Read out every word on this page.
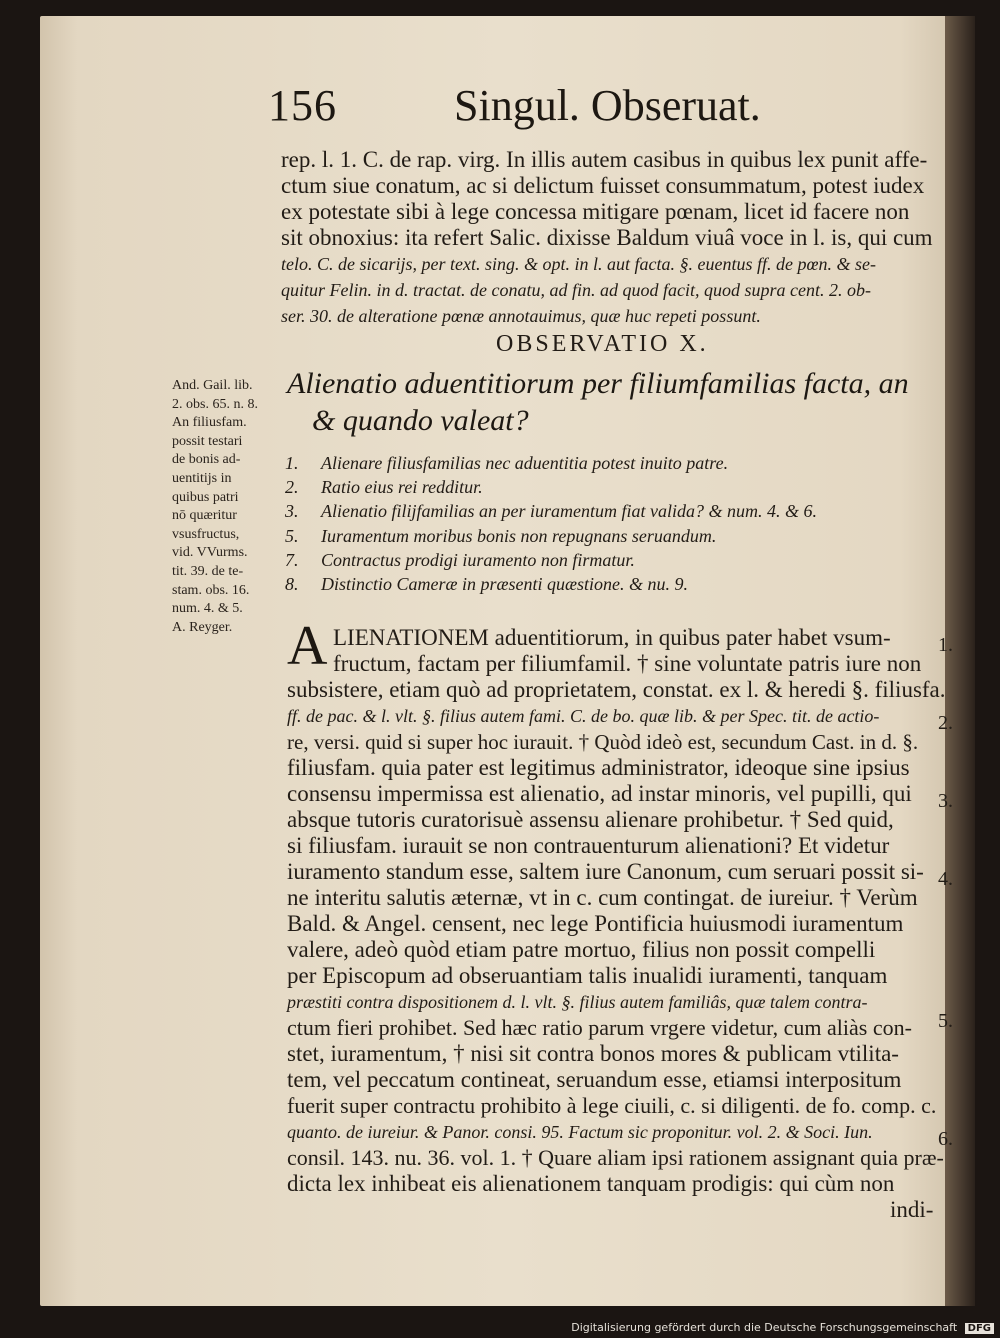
156	Singul. Obseruat.
rep. l. 1. C. de rap. virg. In illis autem casibus in quibus lex punit affe-
ctum siue conatum, ac si delictum fuisset consummatum, potest iudex
ex potestate sibi à lege concessa mitigare pœnam, licet id facere non
sit obnoxius: ita refert Salic. dixisse Baldum viuâ voce in l. is, qui cum
telo. C. de sicarijs, per text. sing. & opt. in l. aut facta. §. euentus ff. de pœn. & se-
quitur Felin. in d. tractat. de conatu, ad fin. ad quod facit, quod supra cent. 2. ob-
ser. 30. de alteratione pœnæ annotauimus, quæ huc repeti possunt.
OBSERVATIO X.
Alienatio aduentitiorum per filiumfamilias facta, an
& quando valeat?
And. Gail. lib.
2. obs. 65. n. 8.
An filiusfam.
possit testari
de bonis ad-
uentitijs in
quibus patri
nō quæritur
vsusfructus,
vid. VVurms.
tit. 39. de te-
stam. obs. 16.
num. 4. & 5.
A. Reyger.
1. Alienare filiusfamilias nec aduentitia potest inuito patre.
2. Ratio eius rei redditur.
3. Alienatio filijfamilias an per iuramentum fiat valida? & num. 4. & 6.
5. Iuramentum moribus bonis non repugnans seruandum.
7. Contractus prodigi iuramento non firmatur.
8. Distinctio Cameræ in præsenti quæstione. & nu. 9.
A LIENATIONEM aduentitiorum, in quibus pater habet vsum-
fructum, factam per filiumfamil. † sine voluntate patris iure non
subsistere, etiam quò ad proprietatem, constat. ex l. & heredi §. filiusfa.
ff. de pac. & l. vlt. §. filius autem fami. C. de bo. quæ lib. & per Spec. tit. de actio-
re, versi. quid si super hoc iurauit. † Quòd ideò est, secundum Cast. in d. §.
filiusfam. quia pater est legitimus administrator, ideoque sine ipsius
consensu impermissa est alienatio, ad instar minoris, vel pupilli, qui
absque tutoris curatorisuè assensu alienare prohibetur. † Sed quid,
si filiusfam. iurauit se non contrauenturum alienationi? Et videtur
iuramento standum esse, saltem iure Canonum, cum seruari possit si-
ne interitu salutis æternæ, vt in c. cum contingat. de iureiur. † Verùm
Bald. & Angel. censent, nec lege Pontificia huiusmodi iuramentum
valere, adeò quòd etiam patre mortuo, filius non possit compelli
per Episcopum ad obseruantiam talis inualidi iuramenti, tanquam
præstiti contra dispositionem d. l. vlt. §. filius autem familiâs, quæ talem contra-
ctum fieri prohibet. Sed hæc ratio parum vrgere videtur, cum aliàs con-
stet, iuramentum, † nisi sit contra bonos mores & publicam vtilita-
tem, vel peccatum contineat, seruandum esse, etiamsi interpositum
fuerit super contractu prohibito à lege ciuili, c. si diligenti. de fo. comp. c.
quanto. de iureiur. & Panor. consi. 95. Factum sic proponitur. vol. 2. & Soci. Iun.
consil. 143. nu. 36. vol. 1. † Quare aliam ipsi rationem assignant quia præ-
dicta lex inhibeat eis alienationem tanquam prodigis: qui cùm non
indi-
1.
2.
3.
4.
5.
6.
Digitalisierung gefördert durch die Deutsche Forschungsgemeinschaft DFG
